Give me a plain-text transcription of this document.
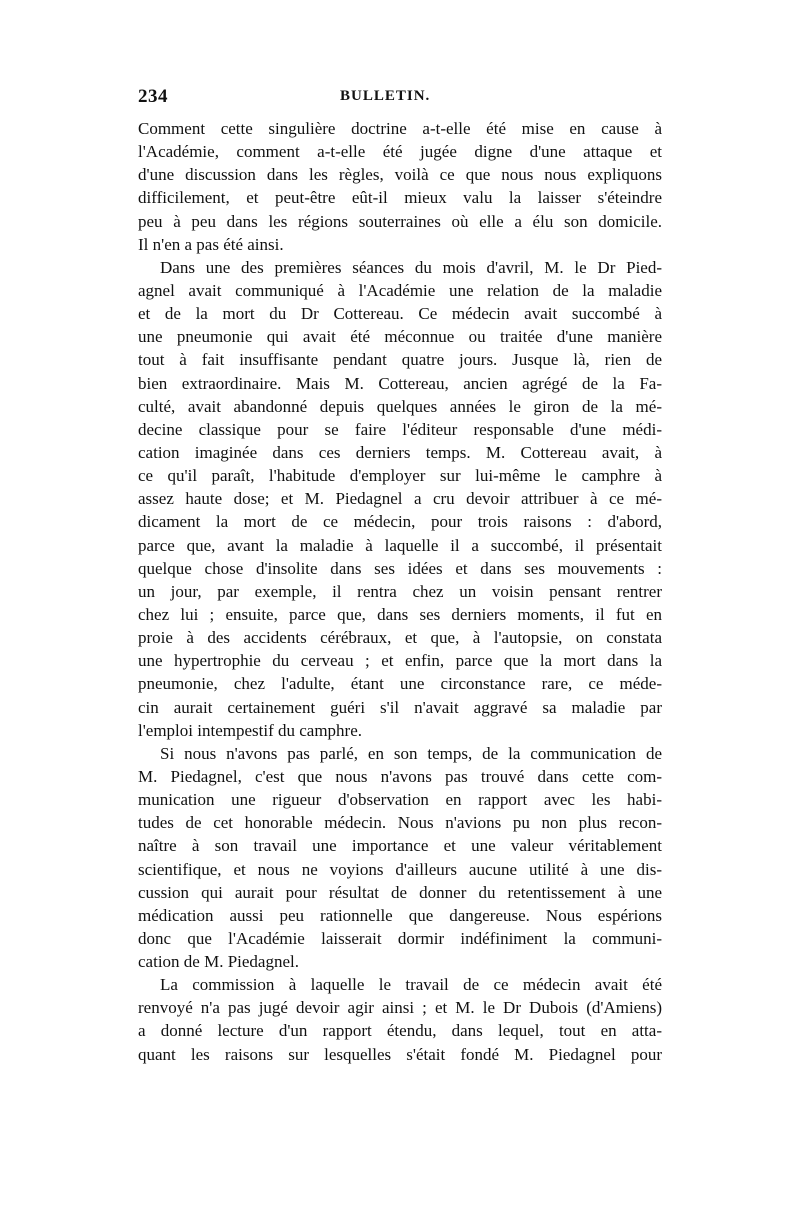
234	BULLETIN.

Comment cette singulière doctrine a-t-elle été mise en cause à
l'Académie, comment a-t-elle été jugée digne d'une attaque et
d'une discussion dans les règles, voilà ce que nous nous expliquons
difficilement, et peut-être eût-il mieux valu la laisser s'éteindre
peu à peu dans les régions souterraines où elle a élu son domicile.
Il n'en a pas été ainsi.

Dans une des premières séances du mois d'avril, M. le Dr Pied-
agnel avait communiqué à l'Académie une relation de la maladie
et de la mort du Dr Cottereau. Ce médecin avait succombé à
une pneumonie qui avait été méconnue ou traitée d'une manière
tout à fait insuffisante pendant quatre jours. Jusque là, rien de
bien extraordinaire. Mais M. Cottereau, ancien agrégé de la Fa-
culté, avait abandonné depuis quelques années le giron de la mé-
decine classique pour se faire l'éditeur responsable d'une médi-
cation imaginée dans ces derniers temps. M. Cottereau avait, à
ce qu'il paraît, l'habitude d'employer sur lui-même le camphre à
assez haute dose; et M. Piedagnel a cru devoir attribuer à ce mé-
dicament la mort de ce médecin, pour trois raisons : d'abord,
parce que, avant la maladie à laquelle il a succombé, il présentait
quelque chose d'insolite dans ses idées et dans ses mouvements :
un jour, par exemple, il rentra chez un voisin pensant rentrer
chez lui ; ensuite, parce que, dans ses derniers moments, il fut en
proie à des accidents cérébraux, et que, à l'autopsie, on constata
une hypertrophie du cerveau ; et enfin, parce que la mort dans la
pneumonie, chez l'adulte, étant une circonstance rare, ce méde-
cin aurait certainement guéri s'il n'avait aggravé sa maladie par
l'emploi intempestif du camphre.

Si nous n'avons pas parlé, en son temps, de la communication de
M. Piedagnel, c'est que nous n'avons pas trouvé dans cette com-
munication une rigueur d'observation en rapport avec les habi-
tudes de cet honorable médecin. Nous n'avions pu non plus recon-
naître à son travail une importance et une valeur véritablement
scientifique, et nous ne voyions d'ailleurs aucune utilité à une dis-
cussion qui aurait pour résultat de donner du retentissement à une
médication aussi peu rationnelle que dangereuse. Nous espérions
donc que l'Académie laisserait dormir indéfiniment la communi-
cation de M. Piedagnel.

La commission à laquelle le travail de ce médecin avait été
renvoyé n'a pas jugé devoir agir ainsi ; et M. le Dr Dubois (d'Amiens)
a donné lecture d'un rapport étendu, dans lequel, tout en atta-
quant les raisons sur lesquelles s'était fondé M. Piedagnel pour
